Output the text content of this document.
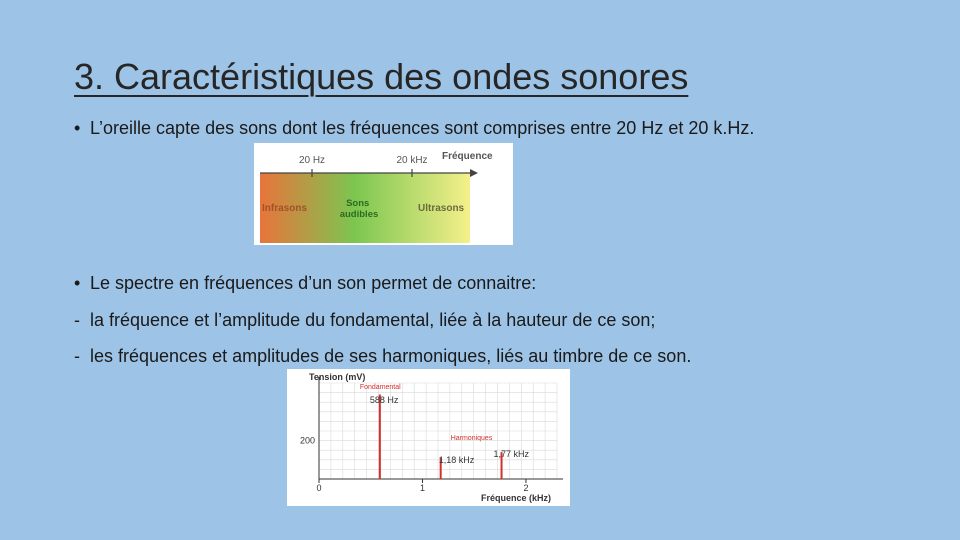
3. Caractéristiques des ondes sonores
• L’oreille capte des sons dont les fréquences sont comprises entre 20 Hz et 20 k.Hz.
20 Hz	20 kHz Fréquence
Infrasons	Sons audibles
Ultrasons
• Le spectre en fréquences d’un son permet de connaitre:
- la fréquence et l’amplitude du fondamental, liée à la hauteur de ce son;
- les fréquences et amplitudes de ses harmoniques, liés au timbre de ce son.
Tension (mV)
Fréquence (kHz)
0	1	2
200
Fondamental
588 Hz
Harmoniques
1,18 kHz
1,77 kHz
